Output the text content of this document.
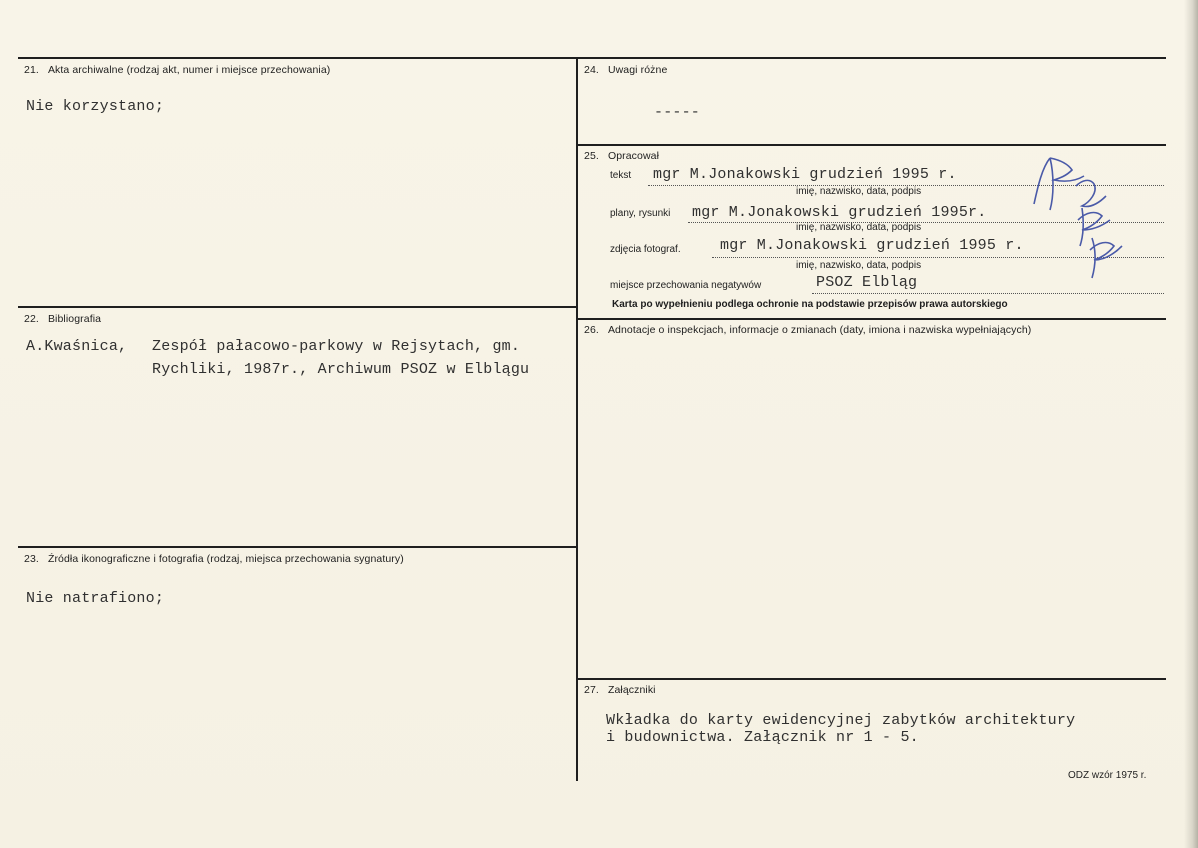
21. Akta archiwalne (rodzaj akt, numer i miejsce przechowania)
Nie korzystano;
22. Bibliografia
A.Kwaśnica, Zespół pałacowo-parkowy w Rejsytach, gm.
Rychliki, 1987r., Archiwum PSOZ w Elblągu
23. Źródła ikonograficzne i fotografia (rodzaj, miejsca przechowania sygnatury)
Nie natrafiono;
24. Uwagi różne
-----
25. Opracował
tekst mgr M.Jonakowski grudzień 1995 r.
imię, nazwisko, data, podpis
plany, rysunki mgr M.Jonakowski grudzień 1995r.
imię, nazwisko, data, podpis
zdjęcia fotograf.	mgr M.Jonakowski grudzień 1995 r.
imię, nazwisko, data, podpis
miejsce przechowania negatywów	PSOZ Elbląg
Karta po wypełnieniu podlega ochronie na podstawie przepisów prawa autorskiego
26. Adnotacje o inspekcjach, informacje o zmianach (daty, imiona i nazwiska wypełniających)
27. Załączniki
Wkładka do karty ewidencyjnej zabytków architektury
i budownictwa. Załącznik nr 1 - 5.
ODZ wzór 1975 r.
